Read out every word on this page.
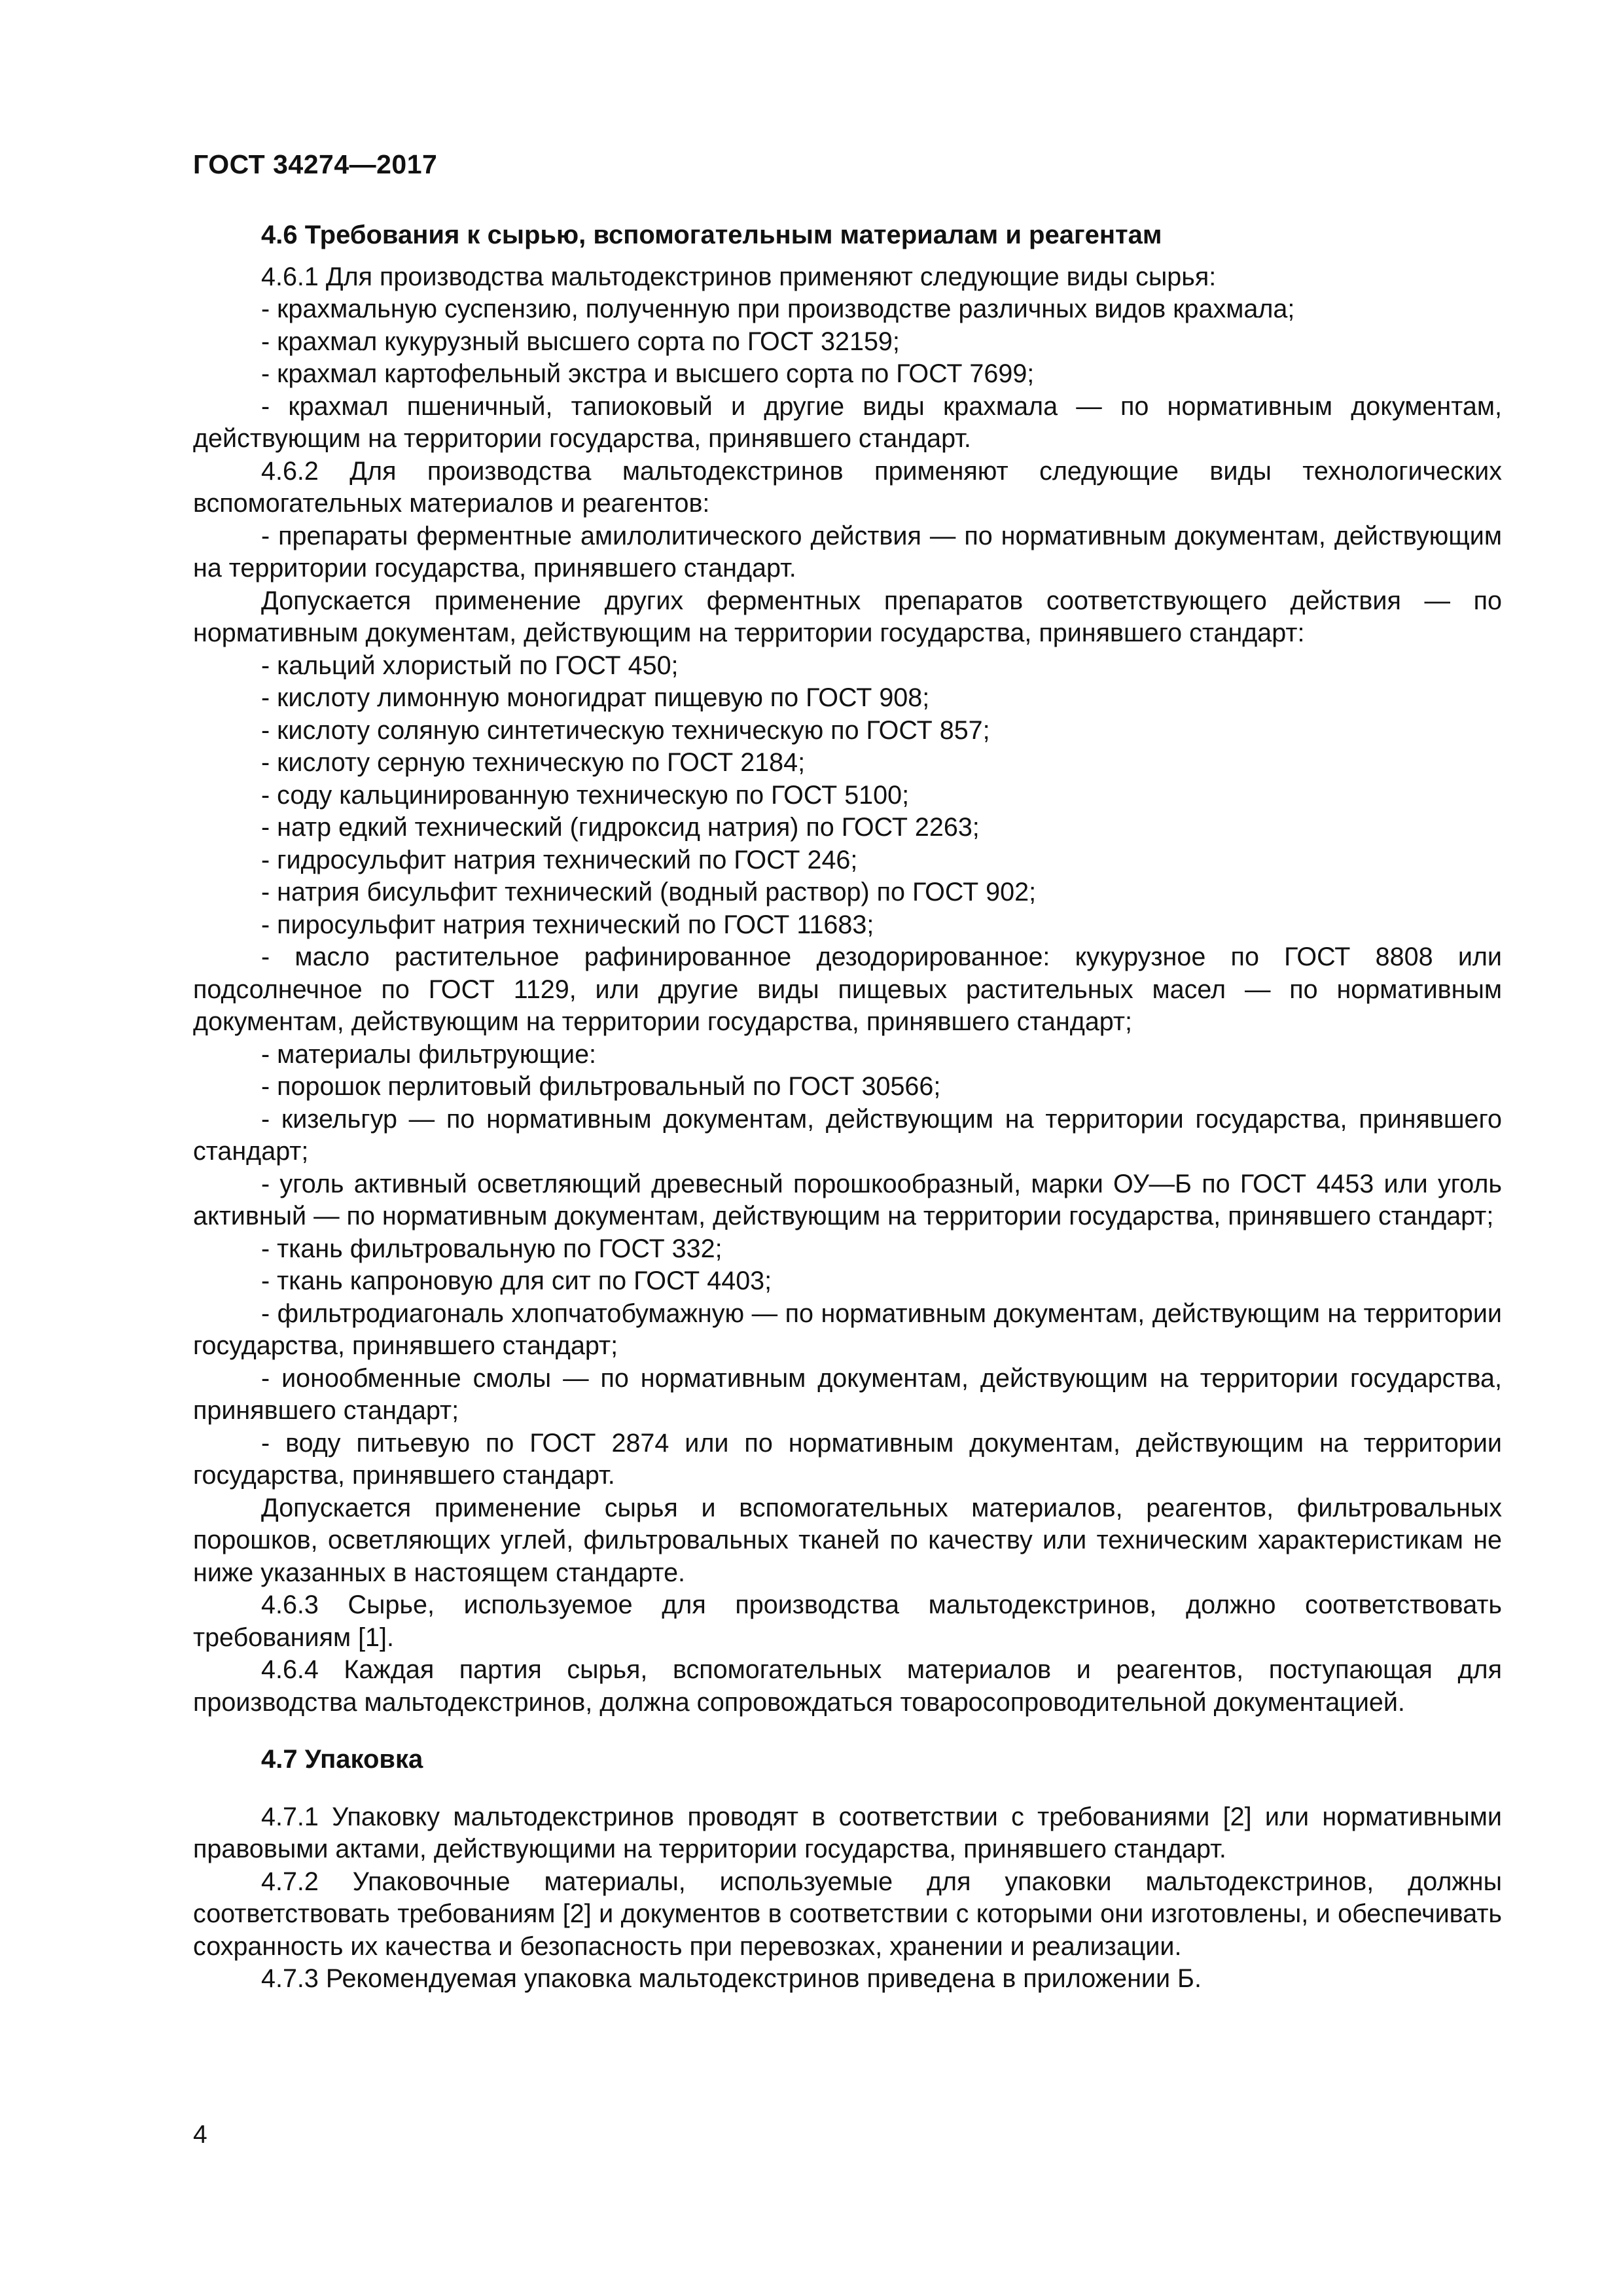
ГОСТ 34274—2017
4.6 Требования к сырью, вспомогательным материалам и реагентам

4.6.1 Для производства мальтодекстринов применяют следующие виды сырья:

- крахмальную суспензию, полученную при производстве различных видов крахмала;

- крахмал кукурузный высшего сорта по ГОСТ 32159;

- крахмал картофельный экстра и высшего сорта по ГОСТ 7699;

- крахмал пшеничный, тапиоковый и другие виды крахмала — по нормативным документам, действующим на территории государства, принявшего стандарт.

4.6.2 Для производства мальтодекстринов применяют следующие виды технологических вспомогательных материалов и реагентов:

- препараты ферментные амилолитического действия — по нормативным документам, действующим на территории государства, принявшего стандарт.

Допускается применение других ферментных препаратов соответствующего действия — по нормативным документам, действующим на территории государства, принявшего стандарт:

- кальций хлористый по ГОСТ 450;

- кислоту лимонную моногидрат пищевую по ГОСТ 908;

- кислоту соляную синтетическую техническую по ГОСТ 857;

- кислоту серную техническую по ГОСТ 2184;

- соду кальцинированную техническую по ГОСТ 5100;

- натр едкий технический (гидроксид натрия) по ГОСТ 2263;

- гидросульфит натрия технический по ГОСТ 246;

- натрия бисульфит технический (водный раствор) по ГОСТ 902;

- пиросульфит натрия технический по ГОСТ 11683;

- масло растительное рафинированное дезодорированное: кукурузное по ГОСТ 8808 или подсолнечное по ГОСТ 1129, или другие виды пищевых растительных масел — по нормативным документам, действующим на территории государства, принявшего стандарт;

- материалы фильтрующие:

- порошок перлитовый фильтровальный по ГОСТ 30566;

- кизельгур — по нормативным документам, действующим на территории государства, принявшего стандарт;

- уголь активный осветляющий древесный порошкообразный, марки ОУ—Б по ГОСТ 4453 или уголь активный — по нормативным документам, действующим на территории государства, принявшего стандарт;

- ткань фильтровальную по ГОСТ 332;

- ткань капроновую для сит по ГОСТ 4403;

- фильтродиагональ хлопчатобумажную — по нормативным документам, действующим на территории государства, принявшего стандарт;

- ионообменные смолы — по нормативным документам, действующим на территории государства, принявшего стандарт;

- воду питьевую по ГОСТ 2874 или по нормативным документам, действующим на территории государства, принявшего стандарт.

Допускается применение сырья и вспомогательных материалов, реагентов, фильтровальных порошков, осветляющих углей, фильтровальных тканей по качеству или техническим характеристикам не ниже указанных в настоящем стандарте.

4.6.3 Сырье, используемое для производства мальтодекстринов, должно соответствовать требованиям [1].

4.6.4 Каждая партия сырья, вспомогательных материалов и реагентов, поступающая для производства мальтодекстринов, должна сопровождаться товаросопроводительной документацией.

4.7 Упаковка

4.7.1 Упаковку мальтодекстринов проводят в соответствии с требованиями [2] или нормативными правовыми актами, действующими на территории государства, принявшего стандарт.

4.7.2 Упаковочные материалы, используемые для упаковки мальтодекстринов, должны соответствовать требованиям [2] и документов в соответствии с которыми они изготовлены, и обеспечивать сохранность их качества и безопасность при перевозках, хранении и реализации.

4.7.3 Рекомендуемая упаковка мальтодекстринов приведена в приложении Б.

4
